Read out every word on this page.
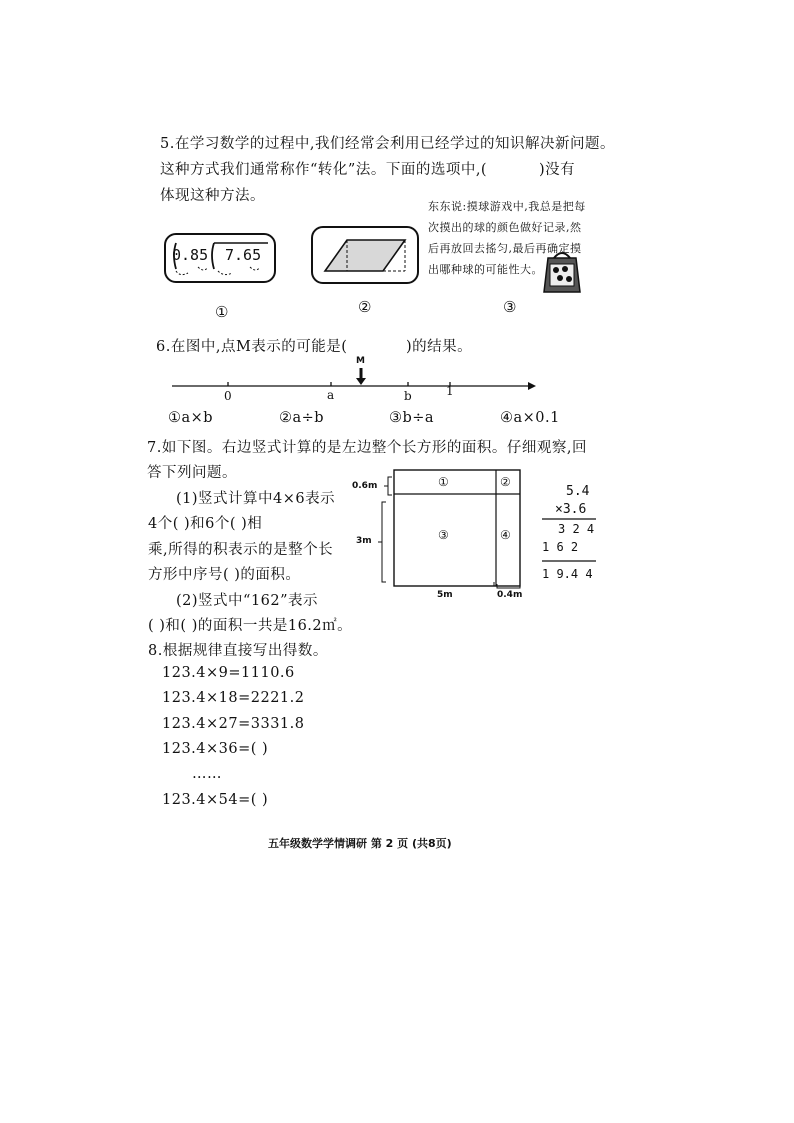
5.在学习数学的过程中,我们经常会利用已经学过的知识解决新问题。
这种方式我们通常称作“转化”法。下面的选项中,(	)没有
体现这种方法。
0.85 7.65
东东说:摸球游戏中,我总是把每次摸出的球的颜色做好记录,然后再放回去搖匀,最后再确定摸出哪种球的可能性大。
①	②	③
6.在图中,点M表示的可能是(	)的结果。
M
0	a	b	1
①a×b	②a÷b	③b÷a	④a×0.1
7.如下图。右边竖式计算的是左边整个长方形的面积。仔细观察,回
答下列问题。
(1)竖式计算中4×6表示
4个( )和6个( )相
乘,所得的积表示的是整个长
方形中序号( )的面积。
(2)竖式中“162”表示
( )和( )的面积一共是16.2㎡。
0.6m
3m
5m	0.4m
①	②
③	④
5.4
×3.6
3 2 4
1 6 2
1 9.4 4
8.根据规律直接写出得数。
123.4×9=1110.6
123.4×18=2221.2
123.4×27=3331.8
123.4×36=( )
……
123.4×54=( )
五年级数学学情调研 第 2 页 (共8页)
